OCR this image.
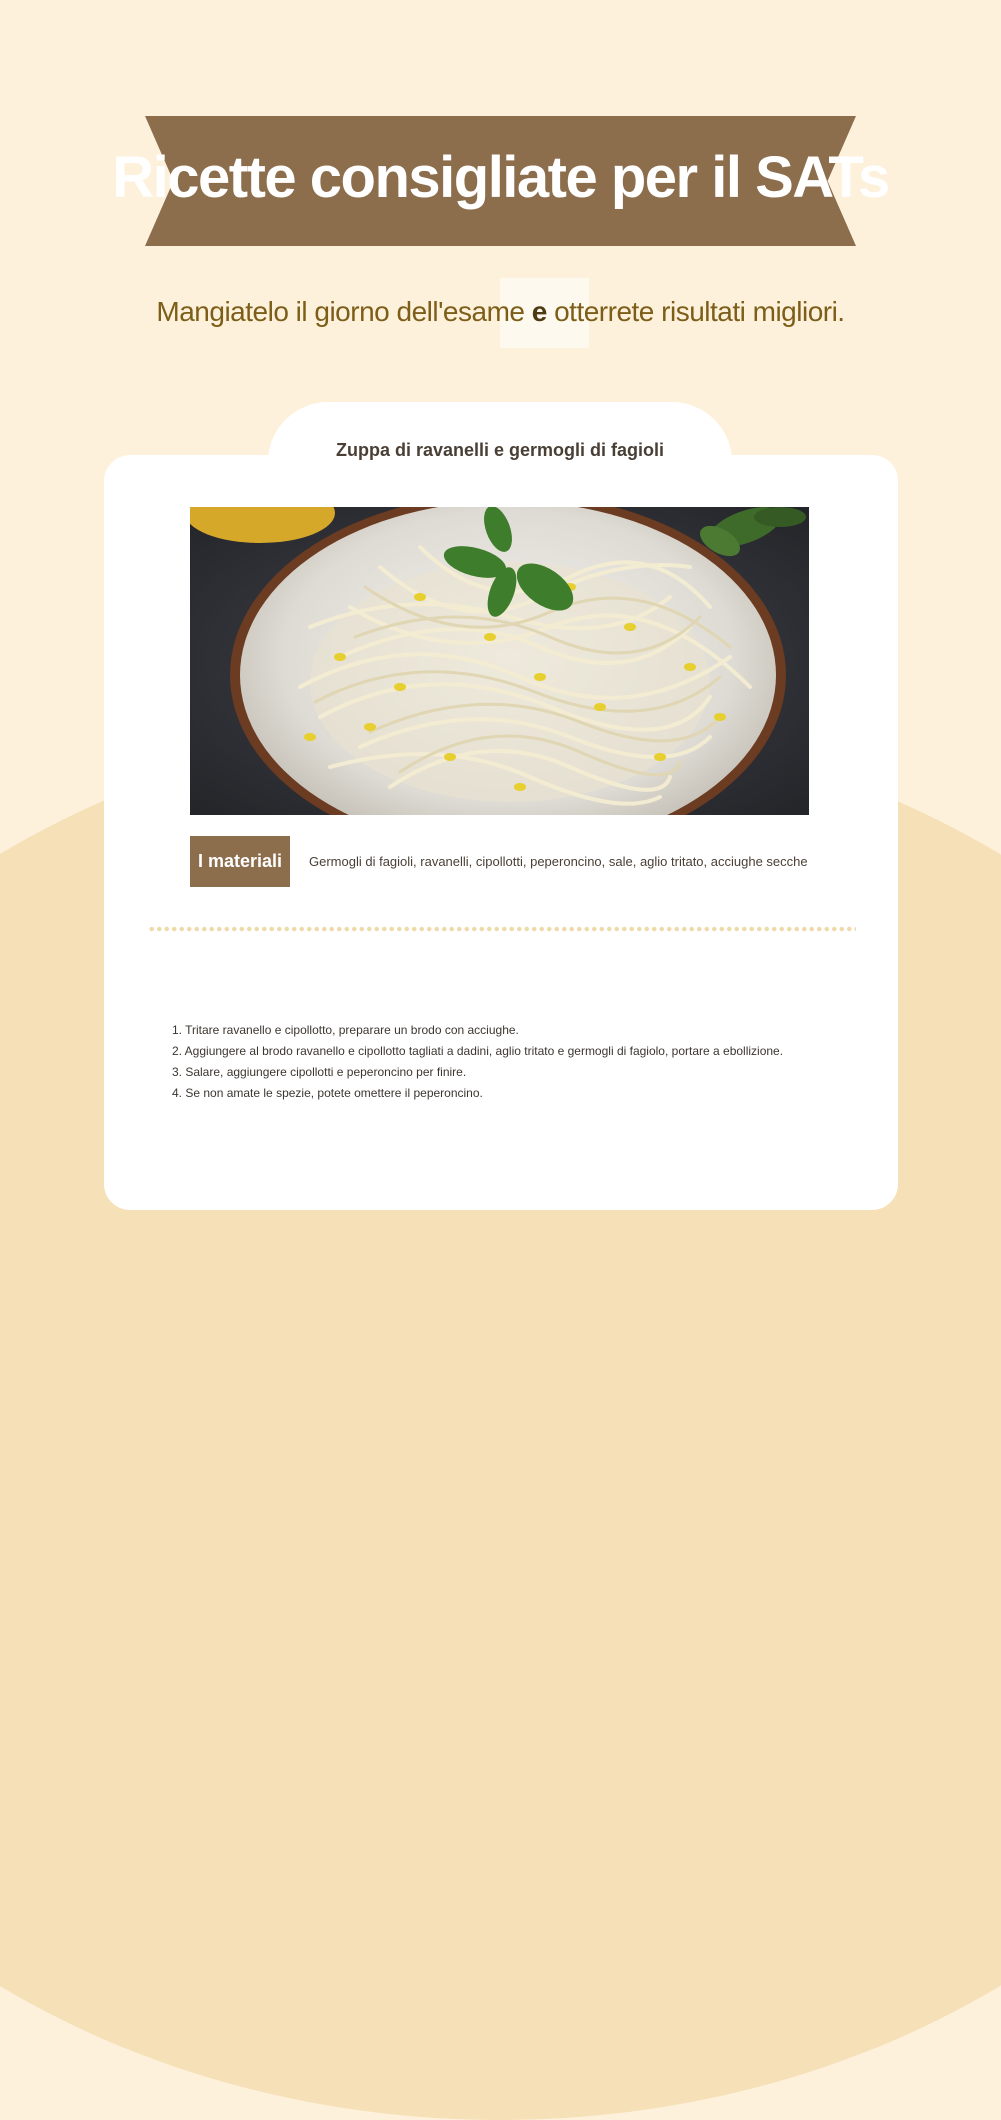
Ricette consigliate per il SATs

Mangiatelo il giorno dell'esame e otterrete risultati migliori.

Zuppa di ravanelli e germogli di fagioli
I materiali	Germogli di fagioli, ravanelli, cipollotti, peperoncino, sale, aglio tritato, acciughe secche

1. Tritare ravanello e cipollotto, preparare un brodo con acciughe.
2. Aggiungere al brodo ravanello e cipollotto tagliati a dadini, aglio tritato e germogli di fagiolo, portare a ebollizione.
3. Salare, aggiungere cipollotti e peperoncino per finire.
4. Se non amate le spezie, potete omettere il peperoncino.
